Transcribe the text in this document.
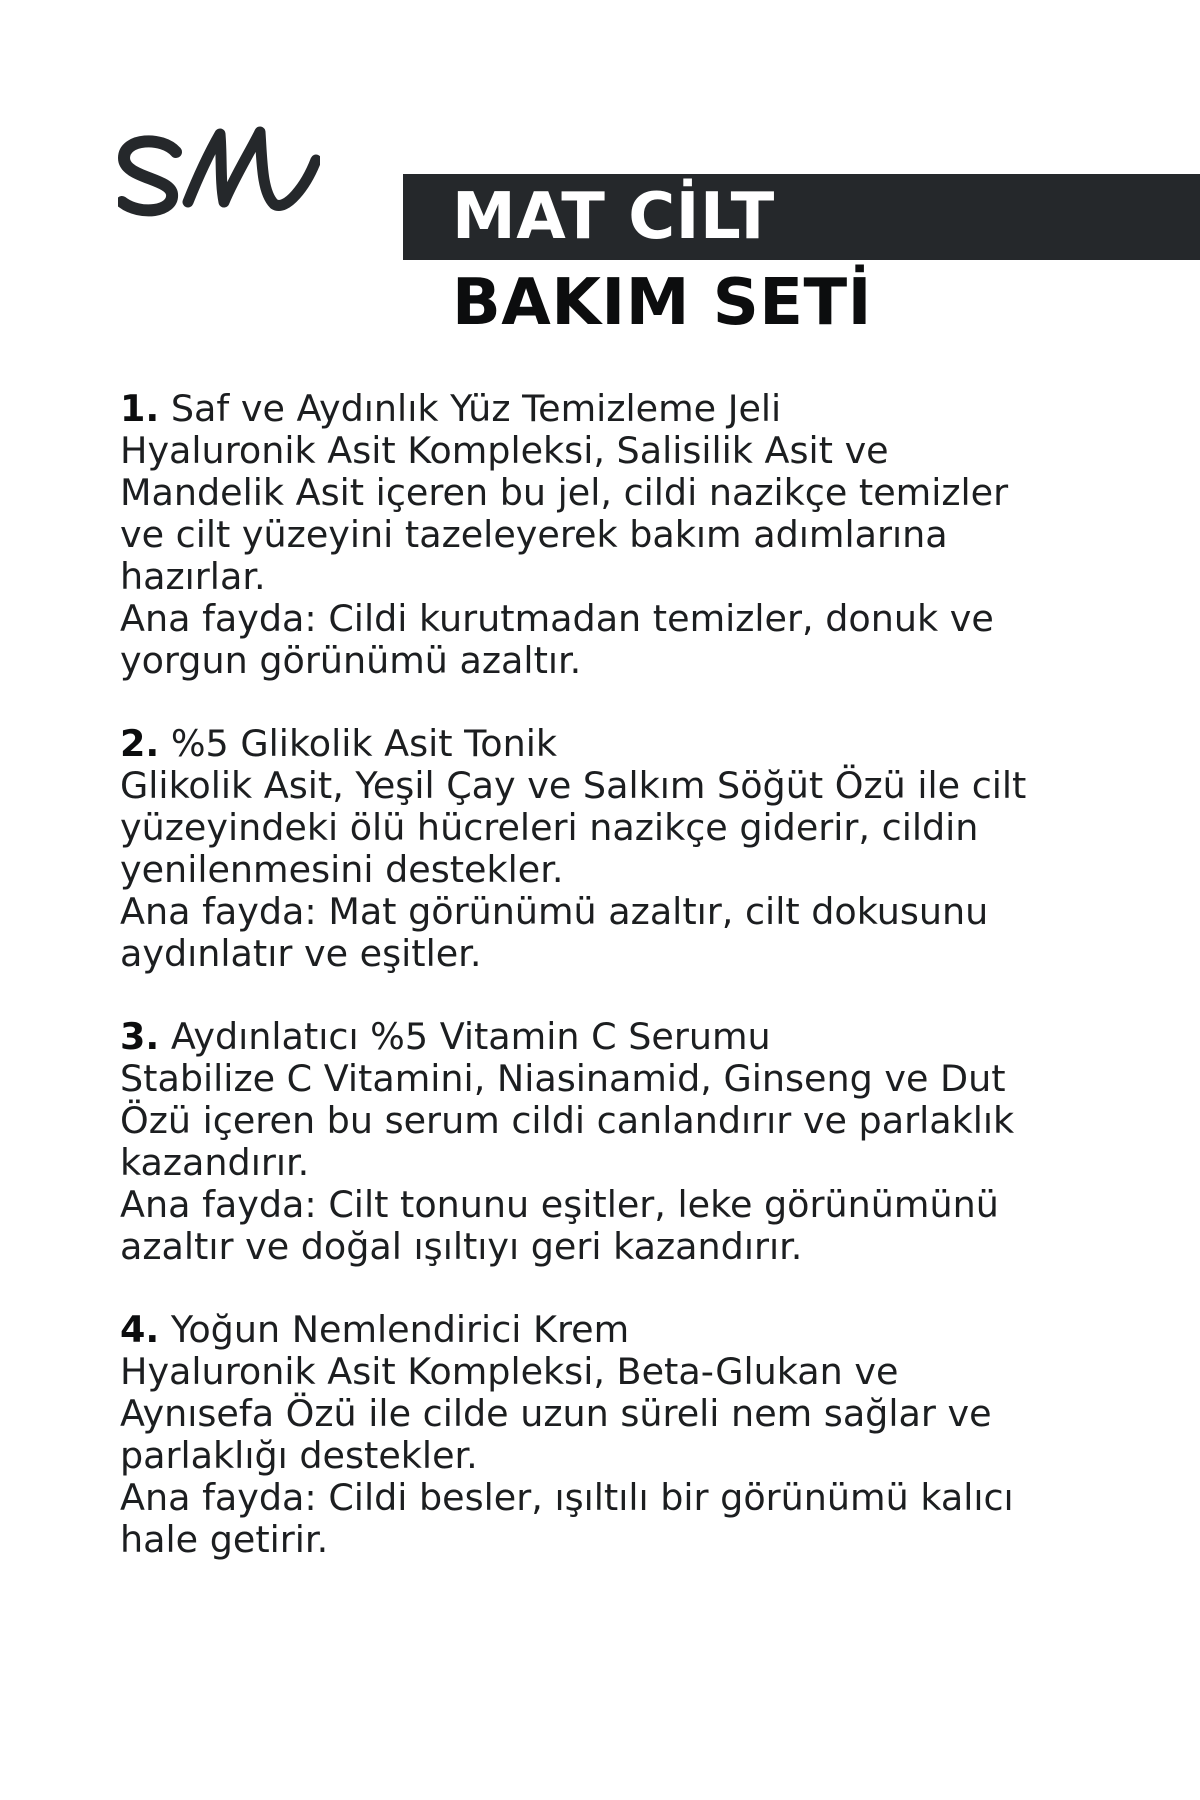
MAT CİLT
BAKIM SETİ

1. Saf ve Aydınlık Yüz Temizleme Jeli

Hyaluronik Asit Kompleksi, Salisilik Asit ve

Mandelik Asit içeren bu jel, cildi nazikçe temizler

ve cilt yüzeyini tazeleyerek bakım adımlarına

hazırlar.

Ana fayda: Cildi kurutmadan temizler, donuk ve

yorgun görünümü azaltır.

2. %5 Glikolik Asit Tonik

Glikolik Asit, Yeşil Çay ve Salkım Söğüt Özü ile cilt

yüzeyindeki ölü hücreleri nazikçe giderir, cildin

yenilenmesini destekler.

Ana fayda: Mat görünümü azaltır, cilt dokusunu

aydınlatır ve eşitler.

3. Aydınlatıcı %5 Vitamin C Serumu

Stabilize C Vitamini, Niasinamid, Ginseng ve Dut

Özü içeren bu serum cildi canlandırır ve parlaklık

kazandırır.

Ana fayda: Cilt tonunu eşitler, leke görünümünü

azaltır ve doğal ışıltıyı geri kazandırır.

4. Yoğun Nemlendirici Krem

Hyaluronik Asit Kompleksi, Beta-Glukan ve

Aynısefa Özü ile cilde uzun süreli nem sağlar ve

parlaklığı destekler.

Ana fayda: Cildi besler, ışıltılı bir görünümü kalıcı

hale getirir.
